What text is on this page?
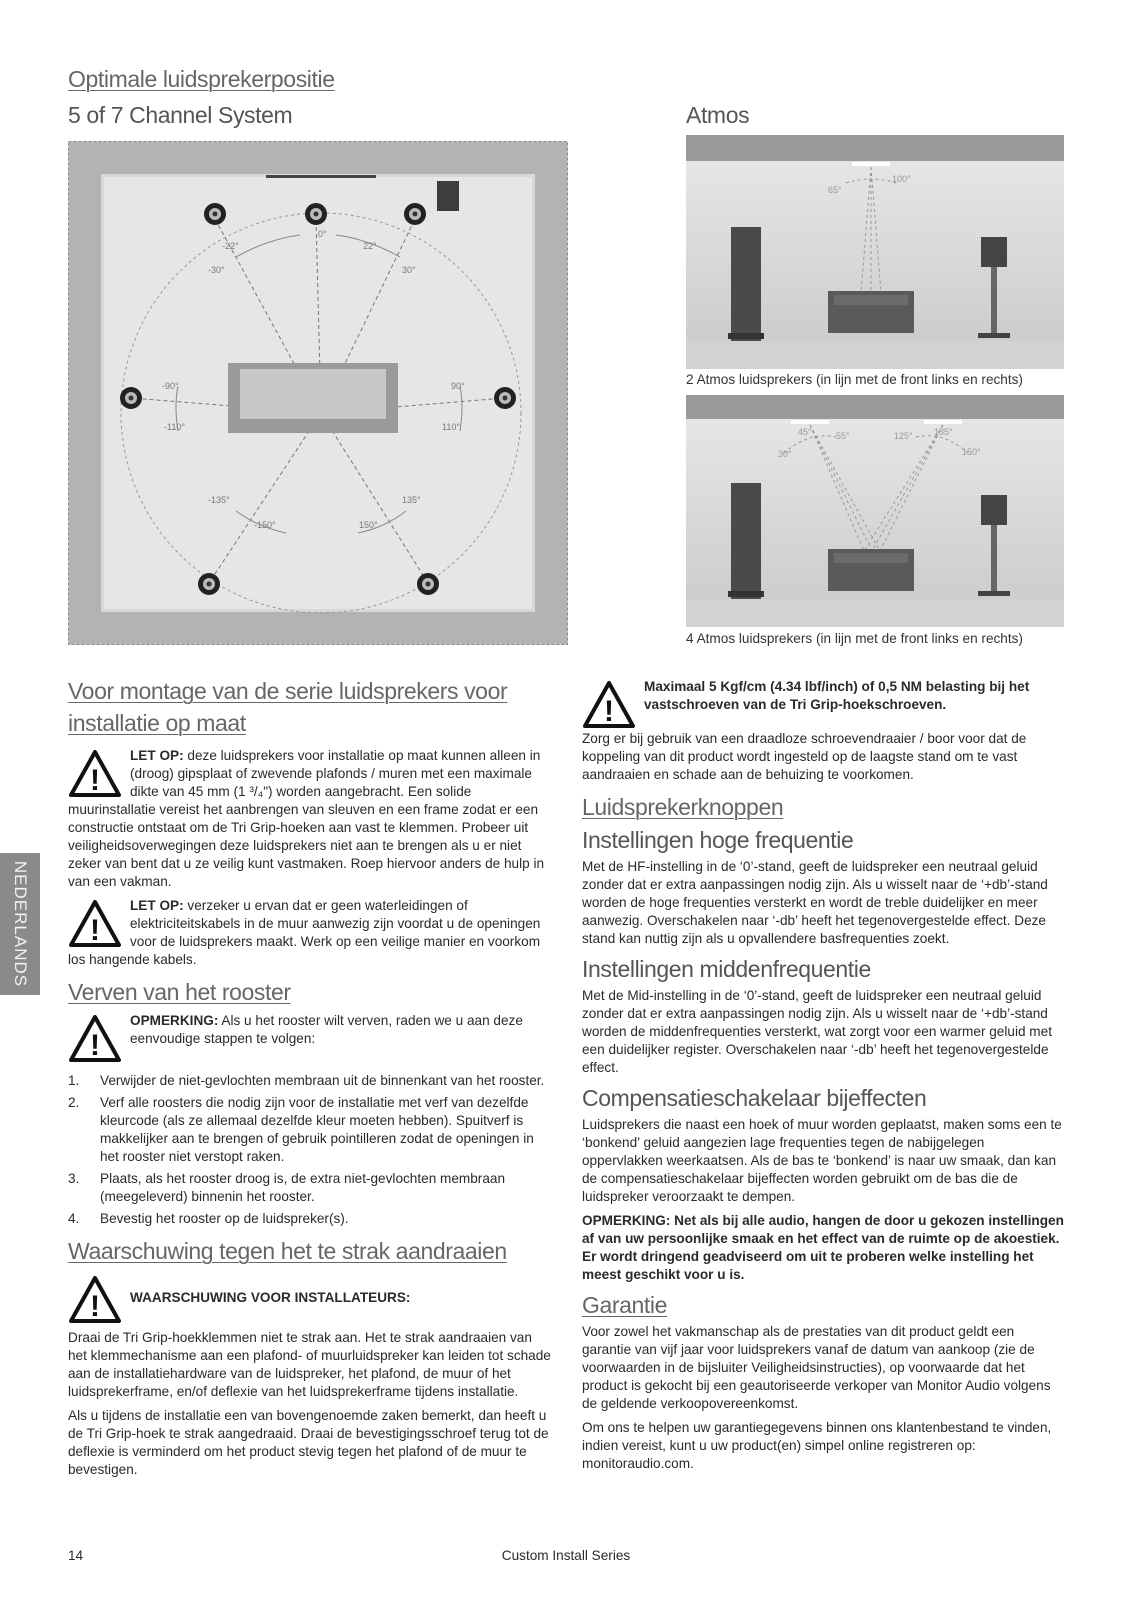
Optimale luidsprekerpositie
5 of 7 Channel System	Atmos
0°
-22°	22°
-30°	30°
-90°	90°
-110°	110°
-135°	135°
-150°	150°
65°
100°
2 Atmos luidsprekers (in lijn met de front links en rechts)
30°
45°	55°	125° 135°
150°
4 Atmos luidsprekers (in lijn met de front links en rechts)
NEDERLANDS
Voor montage van de serie luidsprekers voor
installatie op maat
!

LET OP: deze luidsprekers voor installatie op maat kunnen alleen in (droog) gipsplaat of zwevende plafonds / muren met een maximale dikte van 45 mm (1 ³/₄") worden aangebracht. Een solide muurinstallatie vereist het aanbrengen van sleuven en een frame zodat er een constructie ontstaat om de Tri Grip-hoeken aan vast te klemmen. Probeer uit veiligheidsoverwegingen deze luidsprekers niet aan te brengen als u er niet zeker van bent dat u ze veilig kunt vastmaken. Roep hiervoor anders de hulp in van een vakman.

!

LET OP: verzeker u ervan dat er geen waterleidingen of elektriciteitskabels in de muur aanwezig zijn voordat u de openingen voor de luidsprekers maakt. Werk op een veilige manier en voorkom los hangende kabels.

Verven van het rooster
!

OPMERKING: Als u het rooster wilt verven, raden we u aan deze eenvoudige stappen te volgen:

1. Verwijder de niet-gevlochten membraan uit de binnenkant van het rooster.
2. Verf alle roosters die nodig zijn voor de installatie met verf van dezelfde kleurcode (als ze allemaal dezelfde kleur moeten hebben). Spuitverf is makkelijker aan te brengen of gebruik pointilleren zodat de openingen in het rooster niet verstopt raken.
3. Plaats, als het rooster droog is, de extra niet-gevlochten membraan (meegeleverd) binnenin het rooster.
4. Bevestig het rooster op de luidspreker(s).
Waarschuwing tegen het te strak aandraaien
!	WAARSCHUWING VOOR INSTALLATEURS:

Draai de Tri Grip-hoekklemmen niet te strak aan. Het te strak aandraaien van het klemmechanisme aan een plafond- of muurluidspreker kan leiden tot schade aan de installatiehardware van de luidspreker, het plafond, de muur of het luidsprekerframe, en/of deflexie van het luidsprekerframe tijdens installatie.

Als u tijdens de installatie een van bovengenoemde zaken bemerkt, dan heeft u de Tri Grip-hoek te strak aangedraaid. Draai de bevestigingsschroef terug tot de deflexie is verminderd om het product stevig tegen het plafond of de muur te bevestigen.

!

Maximaal 5 Kgf/cm (4.34 lbf/inch) of 0,5 NM belasting bij het vastschroeven van de Tri Grip-hoekschroeven.

Zorg er bij gebruik van een draadloze schroevendraaier / boor voor dat de koppeling van dit product wordt ingesteld op de laagste stand om te vast aandraaien en schade aan de behuizing te voorkomen.

Luidsprekerknoppen
Instellingen hoge frequentie

Met de HF-instelling in de ‘0’-stand, geeft de luidspreker een neutraal geluid zonder dat er extra aanpassingen nodig zijn. Als u wisselt naar de ‘+db’-stand worden de hoge frequenties versterkt en wordt de treble duidelijker en meer aanwezig. Overschakelen naar ‘-db’ heeft het tegenovergestelde effect. Deze stand kan nuttig zijn als u opvallendere basfrequenties zoekt.

Instellingen middenfrequentie

Met de Mid-instelling in de ‘0’-stand, geeft de luidspreker een neutraal geluid zonder dat er extra aanpassingen nodig zijn. Als u wisselt naar de ‘+db’-stand worden de middenfrequenties versterkt, wat zorgt voor een warmer geluid met een duidelijker register. Overschakelen naar ‘-db’ heeft het tegenovergestelde effect.

Compensatieschakelaar bijeffecten

Luidsprekers die naast een hoek of muur worden geplaatst, maken soms een te ‘bonkend’ geluid aangezien lage frequenties tegen de nabijgelegen oppervlakken weerkaatsen. Als de bas te ‘bonkend’ is naar uw smaak, dan kan de compensatieschakelaar bijeffecten worden gebruikt om de bas die de luidspreker veroorzaakt te dempen.

OPMERKING: Net als bij alle audio, hangen de door u gekozen instellingen af van uw persoonlijke smaak en het effect van de ruimte op de akoestiek. Er wordt dringend geadviseerd om uit te proberen welke instelling het meest geschikt voor u is.

Garantie

Voor zowel het vakmanschap als de prestaties van dit product geldt een garantie van vijf jaar voor luidsprekers vanaf de datum van aankoop (zie de voorwaarden in de bijsluiter Veiligheidsinstructies), op voorwaarde dat het product is gekocht bij een geautoriseerde verkoper van Monitor Audio volgens de geldende verkoopovereenkomst.

Om ons te helpen uw garantiegegevens binnen ons klantenbestand te vinden, indien vereist, kunt u uw product(en) simpel online registreren op: monitoraudio.com.

14	Custom Install Series
